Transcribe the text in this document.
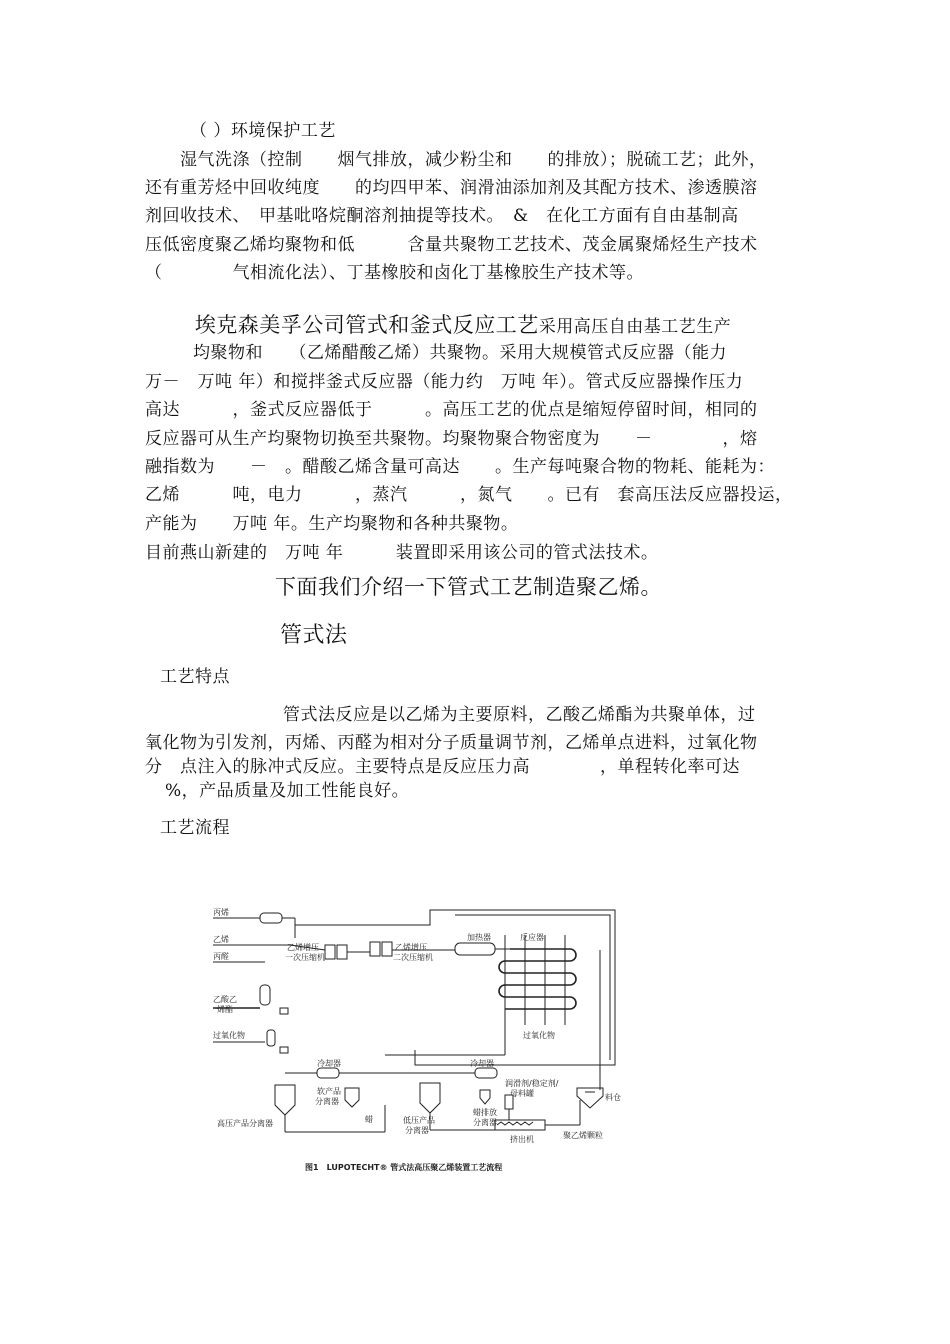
（ ）环境保护工艺
湿气洗涤（控制　　烟气排放，减少粉尘和　　的排放）；脱硫工艺；此外，
还有重芳烃中回收纯度　　的均四甲苯、润滑油添加剂及其配方技术、渗透膜溶
剂回收技术、　甲基吡咯烷酮溶剂抽提等技术。　&　在化工方面有自由基制高
压低密度聚乙烯均聚物和低　　　含量共聚物工艺技术、茂金属聚烯烃生产技术
（　　　　气相流化法）、丁基橡胶和卤化丁基橡胶生产技术等。

埃克森美孚公司管式和釜式反应工艺采用高压自由基工艺生产

均聚物和　　（乙烯醋酸乙烯）共聚物。采用大规模管式反应器（能力
万－　万吨 年）和搅拌釜式反应器（能力约　万吨 年）。管式反应器操作压力
高达　　　，釜式反应器低于　　　。高压工艺的优点是缩短停留时间，相同的
反应器可从生产均聚物切换至共聚物。均聚物聚合物密度为　　－　　　　，熔
融指数为　　－　。醋酸乙烯含量可高达　　。生产每吨聚合物的物耗、能耗为：
乙烯　　　吨，电力　　　，蒸汽　　　，氮气　　。已有　套高压法反应器投运，
产能为　　万吨 年。生产均聚物和各种共聚物。
目前燕山新建的　万吨 年　　　装置即采用该公司的管式法技术。
下面我们介绍一下管式工艺制造聚乙烯。
管式法
工艺特点
管式法反应是以乙烯为主要原料，乙酸乙烯酯为共聚单体，过
氧化物为引发剂，丙烯、丙醛为相对分子质量调节剂，乙烯单点进料，过氧化物
分　点注入的脉冲式反应。主要特点是反应压力高　　　　，单程转化率可达
%，产品质量及加工性能良好。
工艺流程
丙烯
乙烯
丙醛
乙酸乙
烯酯
过氧化物
乙烯增压
一次压缩机
乙烯增压
二次压缩机
加热器	反应器
过氧化物
冷却器	冷却器
高压产品分离器
软产品
分离器
蜡	低压产品
分离器
蜡排放
分离器
润滑剂/稳定剂/
母料罐
挤出机	聚乙烯颗粒
料仓
图1　LUPOTECHT® 管式法高压聚乙烯装置工艺流程
